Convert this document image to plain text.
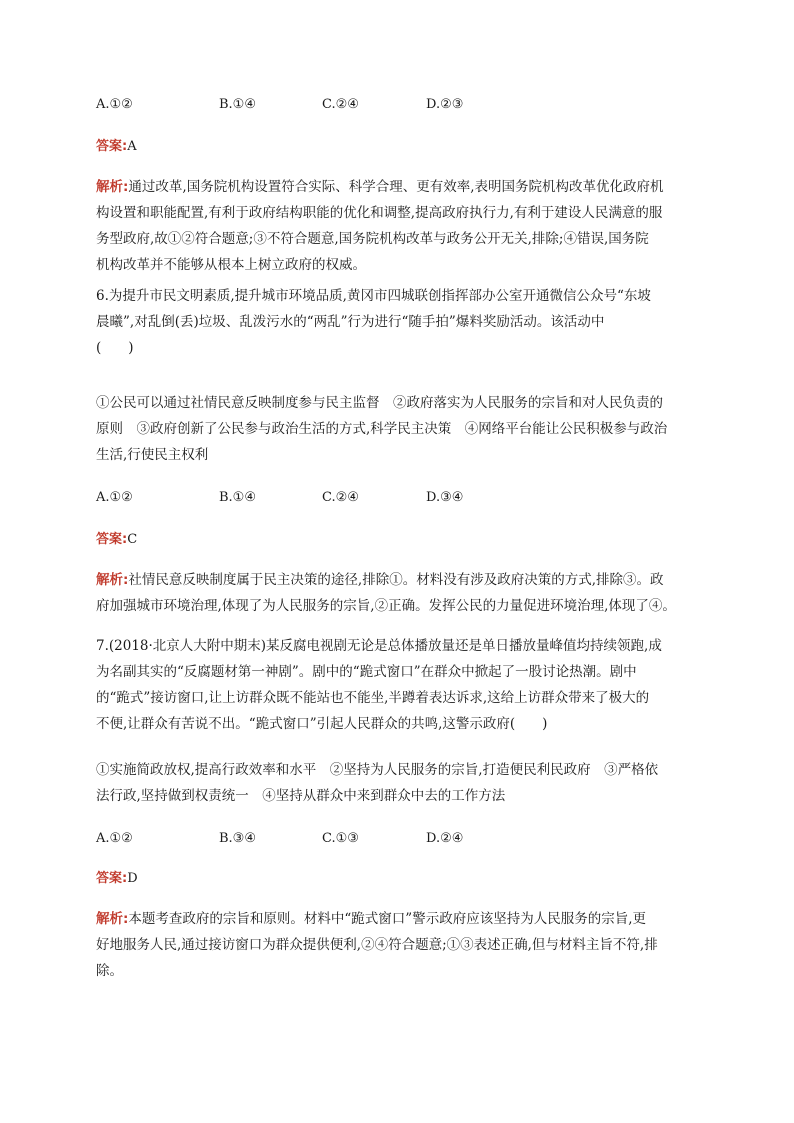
A.①②	B.①④	C.②④	D.②③
答案:A
解析:通过改革,国务院机构设置符合实际、科学合理、更有效率,表明国务院机构改革优化政府机
构设置和职能配置,有利于政府结构职能的优化和调整,提高政府执行力,有利于建设人民满意的服
务型政府,故①②符合题意;③不符合题意,国务院机构改革与政务公开无关,排除;④错误,国务院
机构改革并不能够从根本上树立政府的权威。
6.为提升市民文明素质,提升城市环境品质,黄冈市四城联创指挥部办公室开通微信公众号“东坡
晨曦”,对乱倒(丢)垃圾、乱泼污水的“两乱”行为进行“随手拍”爆料奖励活动。该活动中
(　　)
①公民可以通过社情民意反映制度参与民主监督　②政府落实为人民服务的宗旨和对人民负责的
原则　③政府创新了公民参与政治生活的方式,科学民主决策　④网络平台能让公民积极参与政治
生活,行使民主权利
A.①②	B.①④	C.②④	D.③④
答案:C
解析:社情民意反映制度属于民主决策的途径,排除①。材料没有涉及政府决策的方式,排除③。政
府加强城市环境治理,体现了为人民服务的宗旨,②正确。发挥公民的力量促进环境治理,体现了④。
7.(2018·北京人大附中期末)某反腐电视剧无论是总体播放量还是单日播放量峰值均持续领跑,成
为名副其实的“反腐题材第一神剧”。剧中的“跪式窗口”在群众中掀起了一股讨论热潮。剧中
的“跪式”接访窗口,让上访群众既不能站也不能坐,半蹲着表达诉求,这给上访群众带来了极大的
不便,让群众有苦说不出。“跪式窗口”引起人民群众的共鸣,这警示政府(　　)
①实施简政放权,提高行政效率和水平　②坚持为人民服务的宗旨,打造便民利民政府　③严格依
法行政,坚持做到权责统一　④坚持从群众中来到群众中去的工作方法
A.①②	B.③④	C.①③	D.②④
答案:D
解析:本题考查政府的宗旨和原则。材料中“跪式窗口”警示政府应该坚持为人民服务的宗旨,更
好地服务人民,通过接访窗口为群众提供便利,②④符合题意;①③表述正确,但与材料主旨不符,排
除。
